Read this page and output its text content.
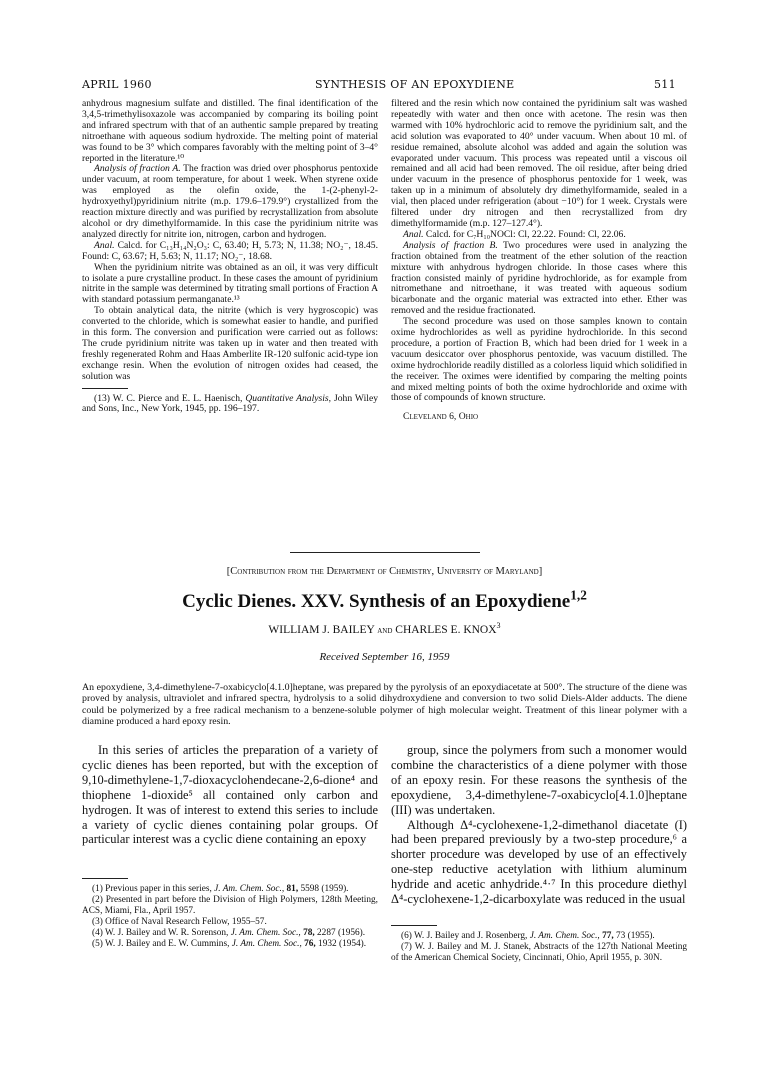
APRIL 1960	SYNTHESIS OF AN EPOXYDIENE	511

anhydrous magnesium sulfate and distilled. The final identification of the 3,4,5-trimethylisoxazole was accompanied by comparing its boiling point and infrared spectrum with that of an authentic sample prepared by treating nitroethane with aqueous sodium hydroxide. The melting point of material was found to be 3° which compares favorably with the melting point of 3–4° reported in the literature.¹⁰

Analysis of fraction A. The fraction was dried over phosphorus pentoxide under vacuum, at room temperature, for about 1 week. When styrene oxide was employed as the olefin oxide, the 1-(2-phenyl-2-hydroxyethyl)pyridinium nitrite (m.p. 179.6–179.9°) crystallized from the reaction mixture directly and was purified by recrystallization from absolute alcohol or dry dimethylformamide. In this case the pyridinium nitrite was analyzed directly for nitrite ion, nitrogen, carbon and hydrogen.

Anal. Calcd. for C₁₃H₁₄N₂O₃: C, 63.40; H, 5.73; N, 11.38; NO₂⁻, 18.45. Found: C, 63.67; H, 5.63; N, 11.17; NO₂⁻, 18.68.

When the pyridinium nitrite was obtained as an oil, it was very difficult to isolate a pure crystalline product. In these cases the amount of pyridinium nitrite in the sample was determined by titrating small portions of Fraction A with standard potassium permanganate.¹³

To obtain analytical data, the nitrite (which is very hygroscopic) was converted to the chloride, which is somewhat easier to handle, and purified in this form. The conversion and purification were carried out as follows: The crude pyridinium nitrite was taken up in water and then treated with freshly regenerated Rohm and Haas Amberlite IR-120 sulfonic acid-type ion exchange resin. When the evolution of nitrogen oxides had ceased, the solution was

(13) W. C. Pierce and E. L. Haenisch, Quantitative Analysis, John Wiley and Sons, Inc., New York, 1945, pp. 196–197.

filtered and the resin which now contained the pyridinium salt was washed repeatedly with water and then once with acetone. The resin was then warmed with 10% hydrochloric acid to remove the pyridinium salt, and the acid solution was evaporated to 40° under vacuum. When about 10 ml. of residue remained, absolute alcohol was added and again the solution was evaporated under vacuum. This process was repeated until a viscous oil remained and all acid had been removed. The oil residue, after being dried under vacuum in the presence of phosphorus pentoxide for 1 week, was taken up in a minimum of absolutely dry dimethylformamide, sealed in a vial, then placed under refrigeration (about −10°) for 1 week. Crystals were filtered under dry nitrogen and then recrystallized from dry dimethylformamide (m.p. 127–127.4°).

Anal. Calcd. for C₇H₁₀NOCl: Cl, 22.22. Found: Cl, 22.06.

Analysis of fraction B. Two procedures were used in analyzing the fraction obtained from the treatment of the ether solution of the reaction mixture with anhydrous hydrogen chloride. In those cases where this fraction consisted mainly of pyridine hydrochloride, as for example from nitromethane and nitroethane, it was treated with aqueous sodium bicarbonate and the organic material was extracted into ether. Ether was removed and the residue fractionated.

The second procedure was used on those samples known to contain oxime hydrochlorides as well as pyridine hydrochloride. In this second procedure, a portion of Fraction B, which had been dried for 1 week in a vacuum desiccator over phosphorus pentoxide, was vacuum distilled. The oxime hydrochloride readily distilled as a colorless liquid which solidified in the receiver. The oximes were identified by comparing the melting points and mixed melting points of both the oxime hydrochloride and oxime with those of compounds of known structure.

Cleveland 6, Ohio

[Contribution from the Department of Chemistry, University of Maryland]
Cyclic Dienes. XXV. Synthesis of an Epoxydiene$^{1,2}$
WILLIAM J. BAILEY and CHARLES E. KNOX$^3$
Received September 16, 1959

An epoxydiene, 3,4-dimethylene-7-oxabicyclo[4.1.0]heptane, was prepared by the pyrolysis of an epoxydiacetate at 500°. The structure of the diene was proved by analysis, ultraviolet and infrared spectra, hydrolysis to a solid dihydroxydiene and conversion to two solid Diels-Alder adducts. The diene could be polymerized by a free radical mechanism to a benzene-soluble polymer of high molecular weight. Treatment of this linear polymer with a diamine produced a hard epoxy resin.

In this series of articles the preparation of a variety of cyclic dienes has been reported, but with the exception of 9,10-dimethylene-1,7-dioxacyclohendecane-2,6-dione⁴ and thiophene 1-dioxide⁵ all contained only carbon and hydrogen. It was of interest to extend this series to include a variety of cyclic dienes containing polar groups. Of particular interest was a cyclic diene containing an epoxy

group, since the polymers from such a monomer would combine the characteristics of a diene polymer with those of an epoxy resin. For these reasons the synthesis of the epoxydiene, 3,4-dimethylene-7-oxabicyclo[4.1.0]heptane (III) was undertaken.

Although Δ⁴-cyclohexene-1,2-dimethanol diacetate (I) had been prepared previously by a two-step procedure,⁶ a shorter procedure was developed by use of an effectively one-step reductive acetylation with lithium aluminum hydride and acetic anhydride.⁴·⁷ In this procedure diethyl Δ⁴-cyclohexene-1,2-dicarboxylate was reduced in the usual

(1) Previous paper in this series, J. Am. Chem. Soc., 81, 5598 (1959).

(2) Presented in part before the Division of High Polymers, 128th Meeting, ACS, Miami, Fla., April 1957.

(3) Office of Naval Research Fellow, 1955–57.

(4) W. J. Bailey and W. R. Sorenson, J. Am. Chem. Soc., 78, 2287 (1956).

(5) W. J. Bailey and E. W. Cummins, J. Am. Chem. Soc., 76, 1932 (1954).

(6) W. J. Bailey and J. Rosenberg, J. Am. Chem. Soc., 77, 73 (1955).

(7) W. J. Bailey and M. J. Stanek, Abstracts of the 127th National Meeting of the American Chemical Society, Cincinnati, Ohio, April 1955, p. 30N.
